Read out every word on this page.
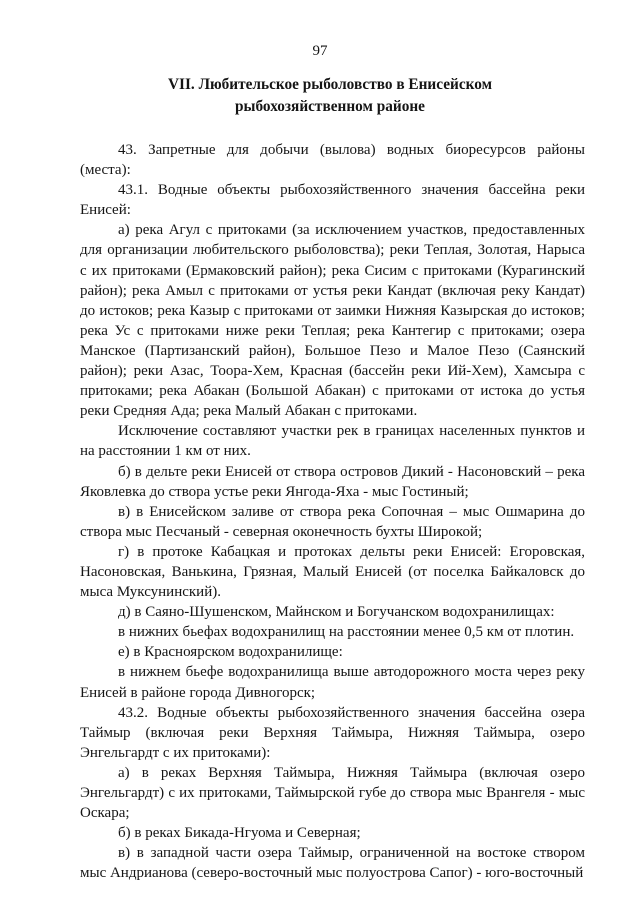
97
VII. Любительское рыболовство в Енисейском
рыбохозяйственном районе

43. Запретные для добычи (вылова) водных биоресурсов районы (места):

43.1. Водные объекты рыбохозяйственного значения бассейна реки Енисей:

а) река Агул с притоками (за исключением участков, предоставленных для организации любительского рыболовства); реки Теплая, Золотая, Нарыса с их притоками (Ермаковский район); река Сисим с притоками (Курагинский район); река Амыл с притоками от устья реки Кандат (включая реку Кандат) до истоков; река Казыр с притоками от заимки Нижняя Казырская до истоков; река Ус с притоками ниже реки Теплая; река Кантегир с притоками; озера Манское (Партизанский район), Большое Пезо и Малое Пезо (Саянский район); реки Азас, Тоора-Хем, Красная (бассейн реки Ий-Хем), Хамсыра с притоками; река Абакан (Большой Абакан) с притоками от истока до устья реки Средняя Ада; река Малый Абакан с притоками.

Исключение составляют участки рек в границах населенных пунктов и на расстоянии 1 км от них.

б) в дельте реки Енисей от створа островов Дикий - Насоновский – река Яковлевка до створа устье реки Янгода-Яха - мыс Гостиный;

в) в Енисейском заливе от створа река Сопочная – мыс Ошмарина до створа мыс Песчаный - северная оконечность бухты Широкой;

г) в протоке Кабацкая и протоках дельты реки Енисей: Егоровская, Насоновская, Ванькина, Грязная, Малый Енисей (от поселка Байкаловск до мыса Муксунинский).

д) в Саяно-Шушенском, Майнском и Богучанском водохранилищах:

в нижних бьефах водохранилищ на расстоянии менее 0,5 км от плотин.

е) в Красноярском водохранилище:

в нижнем бьефе водохранилища выше автодорожного моста через реку Енисей в районе города Дивногорск;

43.2. Водные объекты рыбохозяйственного значения бассейна озера Таймыр (включая реки Верхняя Таймыра, Нижняя Таймыра, озеро Энгельгардт с их притоками):

а) в реках Верхняя Таймыра, Нижняя Таймыра (включая озеро Энгельгардт) с их притоками, Таймырской губе до створа мыс Врангеля - мыс Оскара;

б) в реках Бикада-Нгуома и Северная;

в) в западной части озера Таймыр, ограниченной на востоке створом мыс Андрианова (северо-восточный мыс полуострова Сапог) - юго-восточный
